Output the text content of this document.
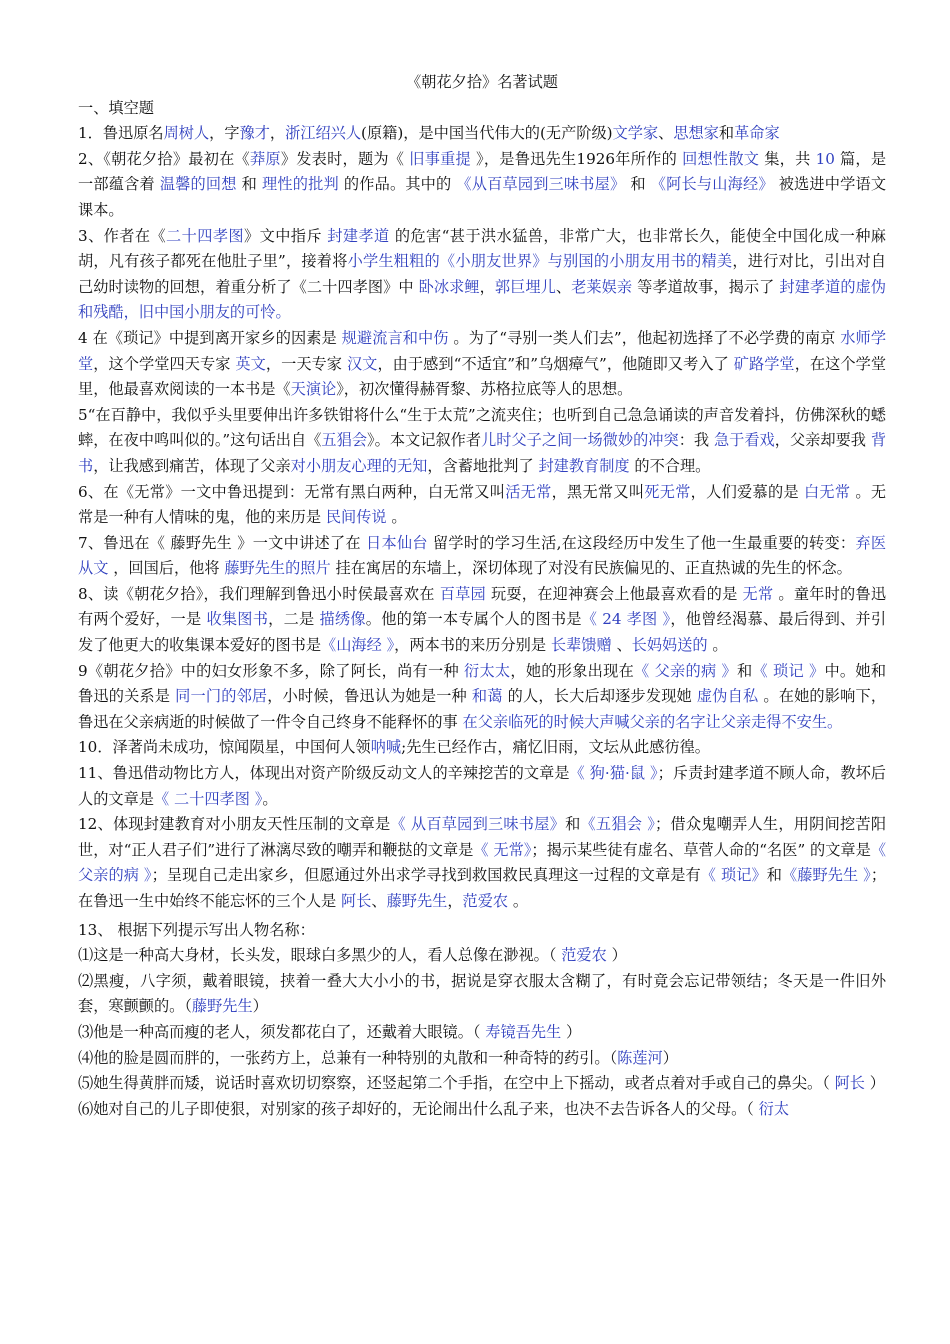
《朝花夕拾》名著试题
一、填空题

1．鲁迅原名周树人，字豫才，浙江绍兴人(原籍)，是中国当代伟大的(无产阶级)文学家、思想家和革命家

2、《朝花夕拾》最初在《莽原》发表时，题为《 旧事重提 》，是鲁迅先生1926年所作的 回想性散文 集，共 10 篇，是一部蕴含着 温馨的回想 和 理性的批判 的作品。其中的 《从百草园到三味书屋》 和 《阿长与山海经》 被选进中学语文课本。

3、作者在《二十四孝图》文中指斥 封建孝道 的危害“甚于洪水猛兽，非常广大，也非常长久，能使全中国化成一种麻胡，凡有孩子都死在他肚子里”，接着将小学生粗粗的《小朋友世界》与别国的小朋友用书的精美，进行对比，引出对自己幼时读物的回想，着重分析了《二十四孝图》中 卧冰求鲤，郭巨埋儿、老莱娱亲 等孝道故事，揭示了 封建孝道的虚伪和残酷，旧中国小朋友的可怜。

4 在《琐记》中提到离开家乡的因素是 规避流言和中伤 。为了“寻别一类人们去”，他起初选择了不必学费的南京 水师学堂，这个学堂四天专家 英文，一天专家 汉文，由于感到“不适宜”和”乌烟瘴气”，他随即又考入了 矿路学堂，在这个学堂里，他最喜欢阅读的一本书是《天演论》，初次懂得赫胥黎、苏格拉底等人的思想。

5“在百静中，我似乎头里要伸出许多铁钳将什么“生于太荒”之流夹住；也听到自己急急诵读的声音发着抖，仿佛深秋的蟋蟀，在夜中鸣叫似的。”这句话出自《五猖会》。本文记叙作者儿时父子之间一场微妙的冲突：我 急于看戏，父亲却要我 背书，让我感到痛苦，体现了父亲对小朋友心理的无知，含蓄地批判了 封建教育制度 的不合理。

6、在《无常》一文中鲁迅提到：无常有黑白两种，白无常又叫活无常，黑无常又叫死无常，人们爱慕的是 白无常 。无常是一种有人情味的鬼，他的来历是 民间传说 。

7、鲁迅在《 藤野先生 》一文中讲述了在 日本仙台 留学时的学习生活,在这段经历中发生了他一生最重要的转变：弃医从文 ，回国后，他将 藤野先生的照片 挂在寓居的东墙上，深切体现了对没有民族偏见的、正直热诚的先生的怀念。

8、读《朝花夕拾》，我们理解到鲁迅小时侯最喜欢在 百草园 玩耍，在迎神赛会上他最喜欢看的是 无常 。童年时的鲁迅有两个爱好，一是 收集图书，二是 描绣像。他的第一本专属个人的图书是《 24 孝图 》，他曾经渴慕、最后得到、并引发了他更大的收集课本爱好的图书是《山海经 》，两本书的来历分别是 长辈馈赠 、长妈妈送的 。

9《朝花夕拾》中的妇女形象不多，除了阿长，尚有一种 衍太太，她的形象出现在《 父亲的病 》和《 琐记 》中。她和鲁迅的关系是 同一门的邻居，小时候，鲁迅认为她是一种 和蔼 的人，长大后却逐步发现她 虚伪自私 。在她的影响下，鲁迅在父亲病逝的时候做了一件令自己终身不能释怀的事 在父亲临死的时候大声喊父亲的名字让父亲走得不安生。

10．泽著尚未成功，惊闻陨星，中国何人领呐喊;先生已经作古，痛忆旧雨，文坛从此感彷徨。

11、鲁迅借动物比方人，体现出对资产阶级反动文人的辛辣挖苦的文章是《 狗·猫·鼠 》；斥责封建孝道不顾人命，教坏后人的文章是《 二十四孝图 》。

12、体现封建教育对小朋友天性压制的文章是《 从百草园到三味书屋》和《五猖会 》；借众鬼嘲弄人生，用阴间挖苦阳世，对“正人君子们”进行了淋漓尽致的嘲弄和鞭挞的文章是《 无常》；揭示某些徒有虚名、草菅人命的“名医” 的文章是《 父亲的病 》；呈现自己走出家乡，但愿通过外出求学寻找到救国救民真理这一过程的文章是有《 琐记》和《藤野先生 》；在鲁迅一生中始终不能忘怀的三个人是 阿长、藤野先生，范爱农 。

13、 根据下列提示写出人物名称：

⑴这是一种高大身材，长头发，眼球白多黑少的人，看人总像在渺视。（ 范爱农 ）

⑵黑瘦，八字须，戴着眼镜，挟着一叠大大小小的书，据说是穿衣服太含糊了，有时竟会忘记带领结；冬天是一件旧外套，寒颤颤的。（藤野先生）

⑶他是一种高而瘦的老人，须发都花白了，还戴着大眼镜。（ 寿镜吾先生 ）

⑷他的脸是圆而胖的，一张药方上，总兼有一种特别的丸散和一种奇特的药引。（陈莲河）

⑸她生得黄胖而矮，说话时喜欢切切察察，还竖起第二个手指，在空中上下摇动，或者点着对手或自己的鼻尖。（ 阿长 ）

⑹她对自己的儿子即使狠，对别家的孩子却好的，无论闹出什么乱子来，也决不去告诉各人的父母。（ 衍太
